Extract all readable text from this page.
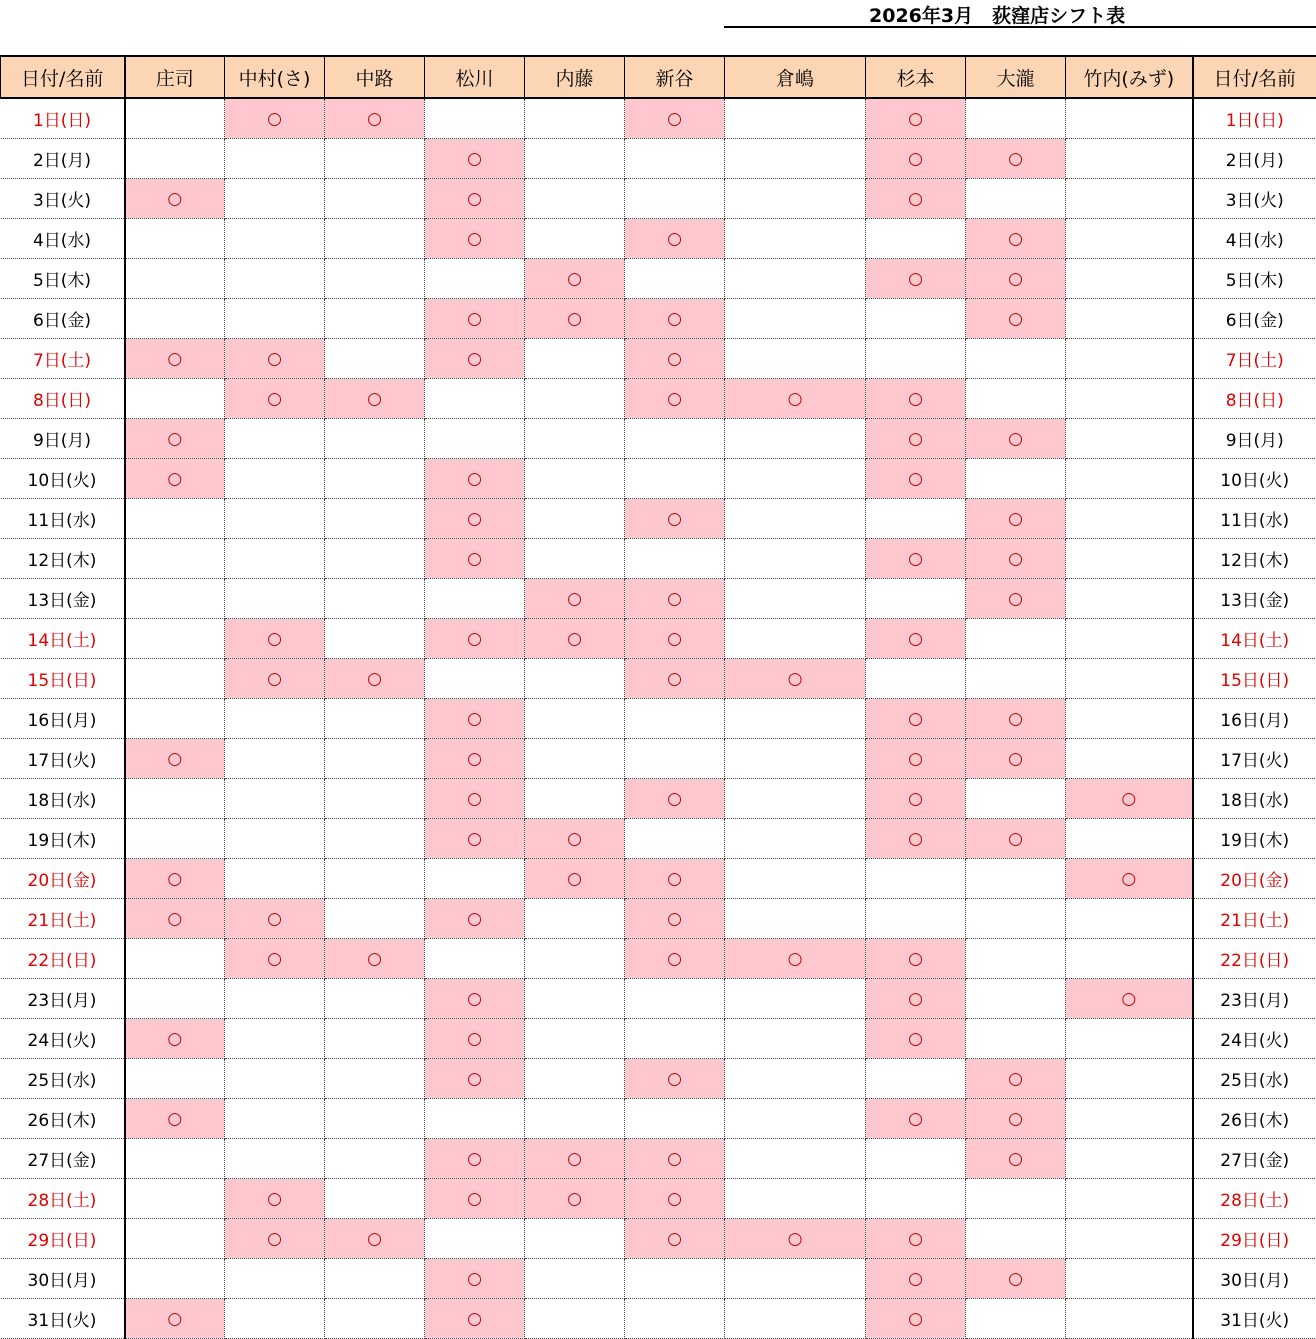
2026年3月　荻窪店シフト表
日付/名前	庄司	中村(さ)	中路	松川	内藤	新谷	倉嶋	杉本	大瀧	竹内(みず)	日付/名前
1日(日)		○	○			○		○			1日(日)
2日(月)				○				○	○		2日(月)
3日(火)	○			○				○			3日(火)
4日(水)				○		○			○		4日(水)
5日(木)					○			○	○		5日(木)
6日(金)				○	○	○			○		6日(金)
7日(土)	○	○		○		○					7日(土)
8日(日)		○	○			○	○	○			8日(日)
9日(月)	○							○	○		9日(月)
10日(火)	○			○				○			10日(火)
11日(水)				○		○			○		11日(水)
12日(木)				○				○	○		12日(木)
13日(金)					○	○			○		13日(金)
14日(土)		○		○	○	○		○			14日(土)
15日(日)		○	○			○	○				15日(日)
16日(月)				○				○	○		16日(月)
17日(火)	○			○				○	○		17日(火)
18日(水)				○		○		○		○	18日(水)
19日(木)				○	○			○	○		19日(木)
20日(金)	○				○	○				○	20日(金)
21日(土)	○	○		○		○					21日(土)
22日(日)		○	○			○	○	○			22日(日)
23日(月)				○				○		○	23日(月)
24日(火)	○			○				○			24日(火)
25日(水)				○		○			○		25日(水)
26日(木)	○							○	○		26日(木)
27日(金)				○	○	○			○		27日(金)
28日(土)		○		○	○	○					28日(土)
29日(日)		○	○			○	○	○			29日(日)
30日(月)				○				○	○		30日(月)
31日(火)	○			○				○			31日(火)
